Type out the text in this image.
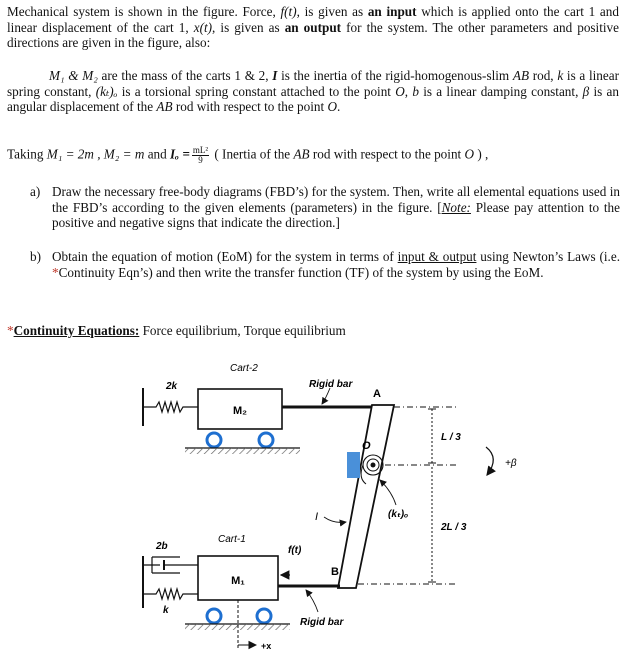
Mechanical system is shown in the figure. Force, f(t), is given as an input which is applied onto the cart 1 and linear displacement of the cart 1, x(t), is given as an output for the system. The other parameters and positive directions are given in the figure, also:
M₁ & M₂ are the mass of the carts 1 & 2, I is the inertia of the rigid-homogenous-slim AB rod, k is a linear spring constant, (kₜ)ₒ is a torsional spring constant attached to the point O, b is a linear damping constant, β is an angular displacement of the AB rod with respect to the point O.
Taking M₁ = 2m , M₂ = m and $I_o = \frac{\text{mL²}}{9}$ ( Inertia of the AB rod with respect to the point O ) ,
a) Draw the necessary free-body diagrams (FBD’s) for the system. Then, write all elemental equations used in the FBD’s according to the given elements (parameters) in the figure. [Note: Please pay attention to the positive and negative signs that indicate the direction.]
b) Obtain the equation of motion (EoM) for the system in terms of input & output using Newton’s Laws (i.e. *Continuity Eqn’s) and then write the transfer function (TF) of the system by using the EoM.
*Continuity Equations: Force equilibrium, Torque equilibrium
Cart-2
2k
M₂
Rigid bar
A
O
B
(kₜ)ₒ
I
L / 3
2L / 3
+β
Cart-1
2b
k
M₁
f(t)
Rigid bar
+x
